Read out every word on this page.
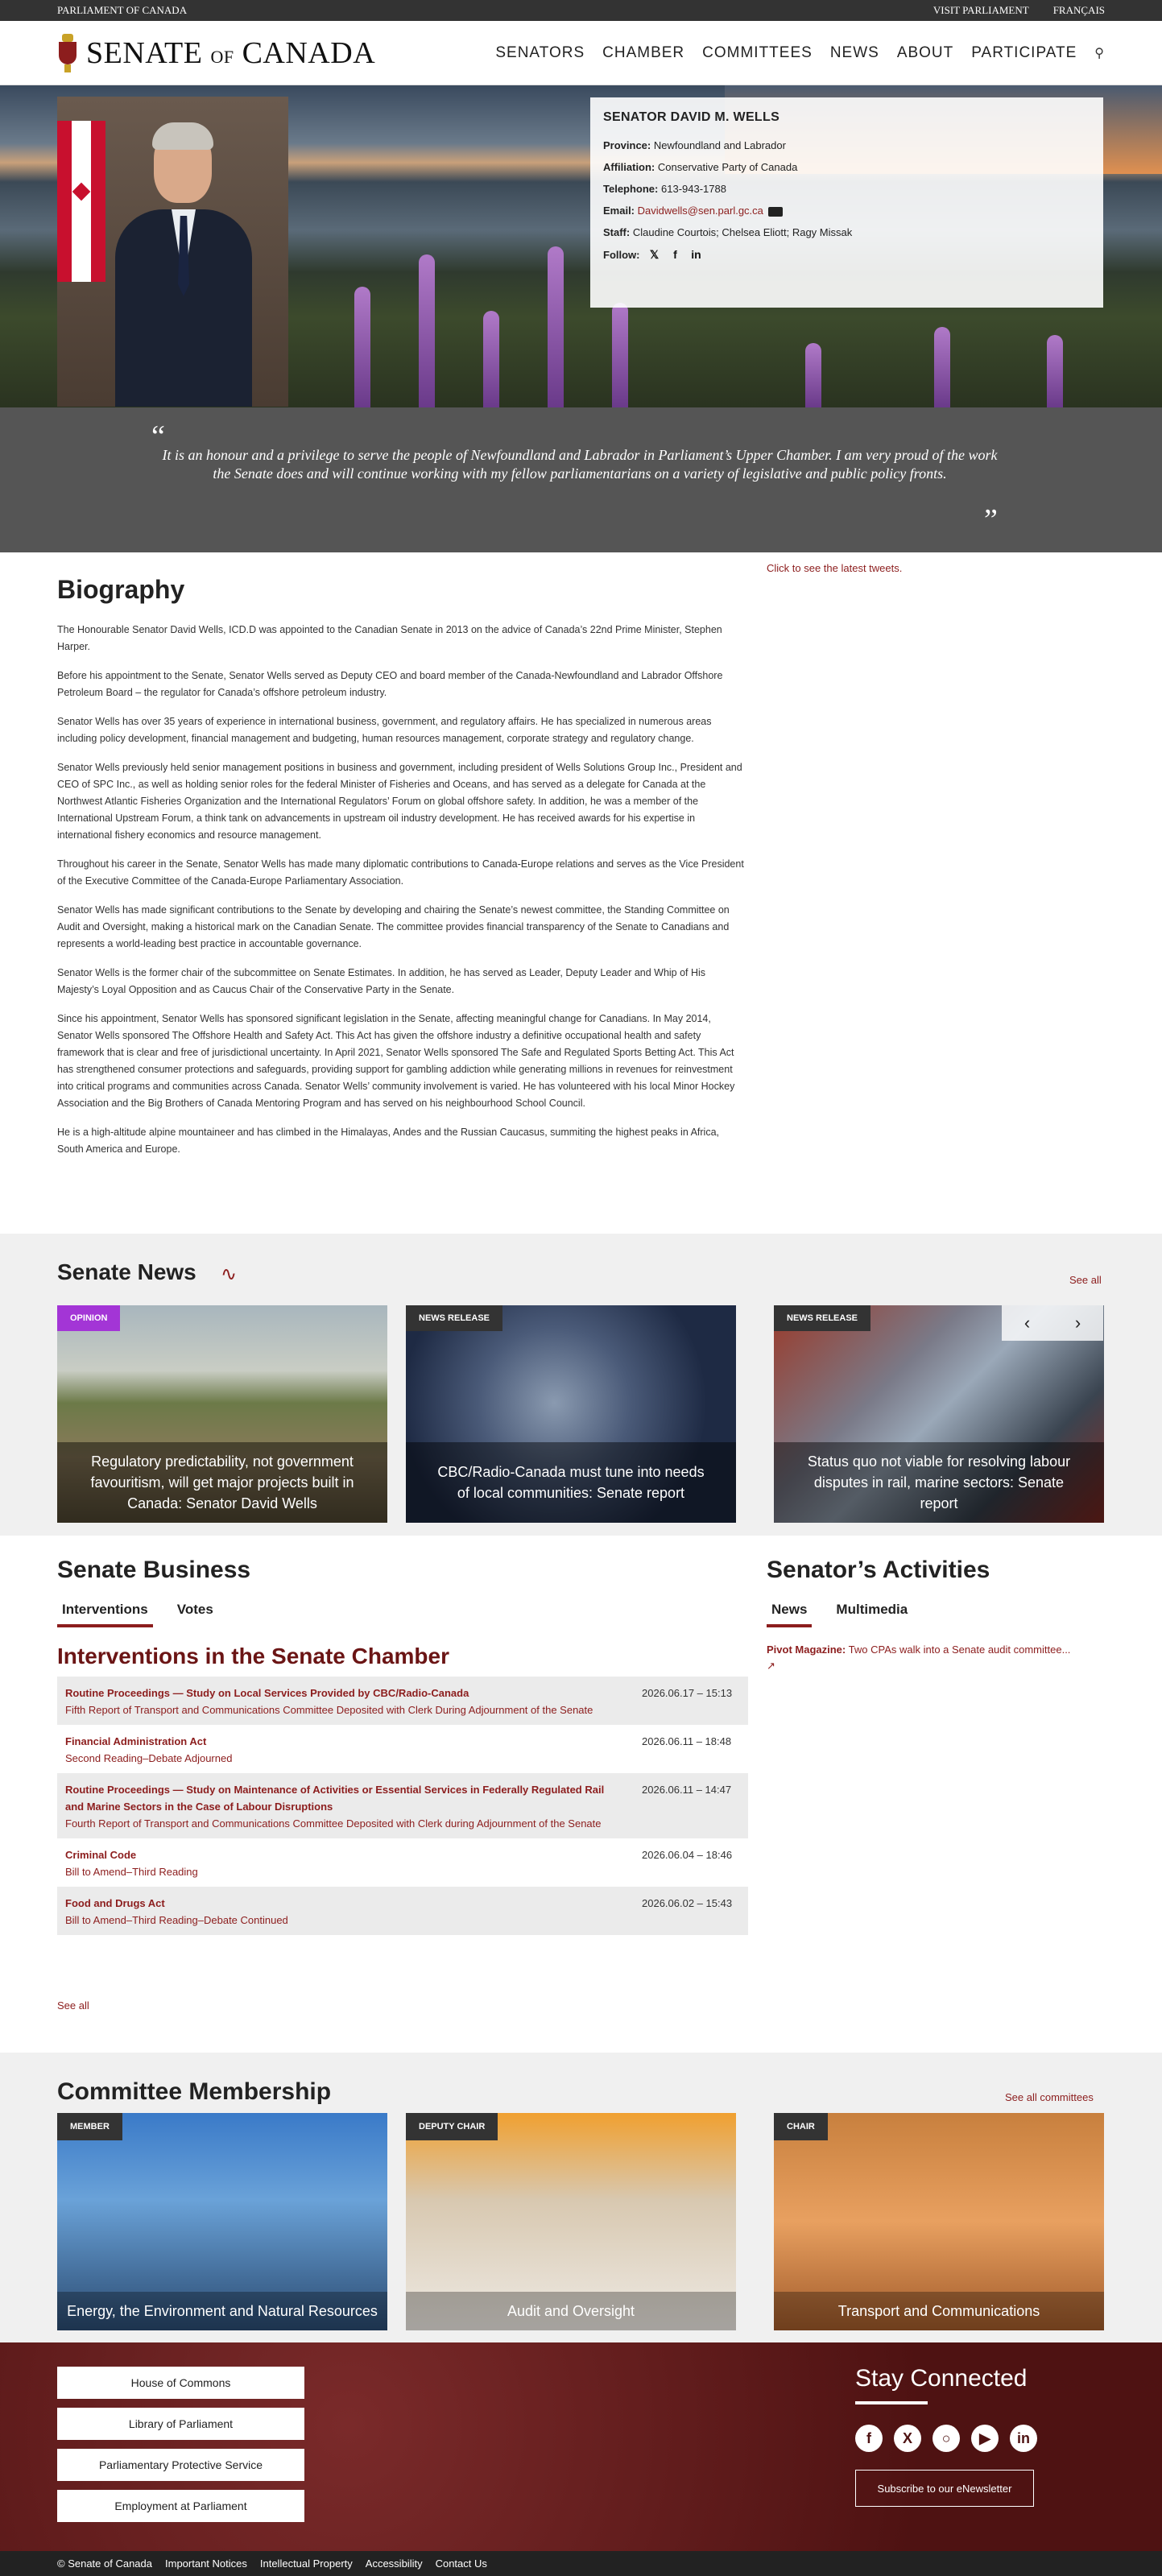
PARLIAMENT OF CANADA	VISIT PARLIAMENT FRANÇAIS
SENATE OF CANADA	SENATORS CHAMBER COMMITTEES NEWS ABOUT PARTICIPATE ⚲
SENATOR DAVID M. WELLS

Province: Newfoundland and Labrador

Affiliation: Conservative Party of Canada

Telephone: 613-943-1788

Email: Davidwells@sen.parl.gc.ca

Staff: Claudine Courtois; Chelsea Eliott; Ragy Missak

Follow: 𝕏	f	in
“

It is an honour and a privilege to serve the people of Newfoundland and Labrador in Parliament’s Upper Chamber. I am very proud of the work the Senate does and will continue working with my fellow parliamentarians on a variety of legislative and public policy fronts.

”
Biography
Click to see the latest tweets.

The Honourable Senator David Wells, ICD.D was appointed to the Canadian Senate in 2013 on the advice of Canada’s 22nd Prime Minister, Stephen Harper.

Before his appointment to the Senate, Senator Wells served as Deputy CEO and board member of the Canada-Newfoundland and Labrador Offshore Petroleum Board – the regulator for Canada’s offshore petroleum industry.

Senator Wells has over 35 years of experience in international business, government, and regulatory affairs. He has specialized in numerous areas including policy development, financial management and budgeting, human resources management, corporate strategy and regulatory change.

Senator Wells previously held senior management positions in business and government, including president of Wells Solutions Group Inc., President and CEO of SPC Inc., as well as holding senior roles for the federal Minister of Fisheries and Oceans, and has served as a delegate for Canada at the Northwest Atlantic Fisheries Organization and the International Regulators’ Forum on global offshore safety. In addition, he was a member of the International Upstream Forum, a think tank on advancements in upstream oil industry development. He has received awards for his expertise in international fishery economics and resource management.

Throughout his career in the Senate, Senator Wells has made many diplomatic contributions to Canada-Europe relations and serves as the Vice President of the Executive Committee of the Canada-Europe Parliamentary Association.

Senator Wells has made significant contributions to the Senate by developing and chairing the Senate’s newest committee, the Standing Committee on Audit and Oversight, making a historical mark on the Canadian Senate. The committee provides financial transparency of the Senate to Canadians and represents a world-leading best practice in accountable governance.

Senator Wells is the former chair of the subcommittee on Senate Estimates. In addition, he has served as Leader, Deputy Leader and Whip of His Majesty’s Loyal Opposition and as Caucus Chair of the Conservative Party in the Senate.

Since his appointment, Senator Wells has sponsored significant legislation in the Senate, affecting meaningful change for Canadians. In May 2014, Senator Wells sponsored The Offshore Health and Safety Act. This Act has given the offshore industry a definitive occupational health and safety framework that is clear and free of jurisdictional uncertainty. In April 2021, Senator Wells sponsored The Safe and Regulated Sports Betting Act. This Act has strengthened consumer protections and safeguards, providing support for gambling addiction while generating millions in revenues for reinvestment into critical programs and communities across Canada. Senator Wells’ community involvement is varied. He has volunteered with his local Minor Hockey Association and the Big Brothers of Canada Mentoring Program and has served on his neighbourhood School Council.

He is a high-altitude alpine mountaineer and has climbed in the Himalayas, Andes and the Russian Caucasus, summiting the highest peaks in Africa, South America and Europe.

Senate News ∿	See all
OPINION
Regulatory predictability, not government favouritism, will get major projects built in Canada: Senator David Wells
NEWS RELEASE
CBC/Radio-Canada must tune into needs of local communities: Senate report
NEWS RELEASE
Status quo not viable for resolving labour disputes in rail, marine sectors: Senate report
‹	›
Senate Business
Interventions	Votes
Interventions in the Senate Chamber
Routine Proceedings — Study on Local Services Provided by CBC/Radio-Canada
Fifth Report of Transport and Communications Committee Deposited with Clerk During Adjournment of the Senate
2026.06.17 – 15:13
Financial Administration Act
Second Reading–Debate Adjourned
2026.06.11 – 18:48
Routine Proceedings — Study on Maintenance of Activities or Essential Services in Federally Regulated Rail and Marine Sectors in the Case of Labour Disruptions
Fourth Report of Transport and Communications Committee Deposited with Clerk during Adjournment of the Senate
2026.06.11 – 14:47
Criminal Code
Bill to Amend–Third Reading
2026.06.04 – 18:46
Food and Drugs Act
Bill to Amend–Third Reading–Debate Continued
2026.06.02 – 15:43
See all
Senator’s Activities
News	Multimedia
Pivot Magazine: Two CPAs walk into a Senate audit committee...
↗
Committee Membership	See all committees
MEMBER
Energy, the Environment and Natural Resources
DEPUTY CHAIR
Audit and Oversight
CHAIR
Transport and Communications
House of Commons
Library of Parliament
Parliamentary Protective Service
Employment at Parliament
Stay Connected
f	X	○	▶	in
Subscribe to our eNewsletter
© Senate of Canada Important Notices Intellectual Property Accessibility Contact Us
